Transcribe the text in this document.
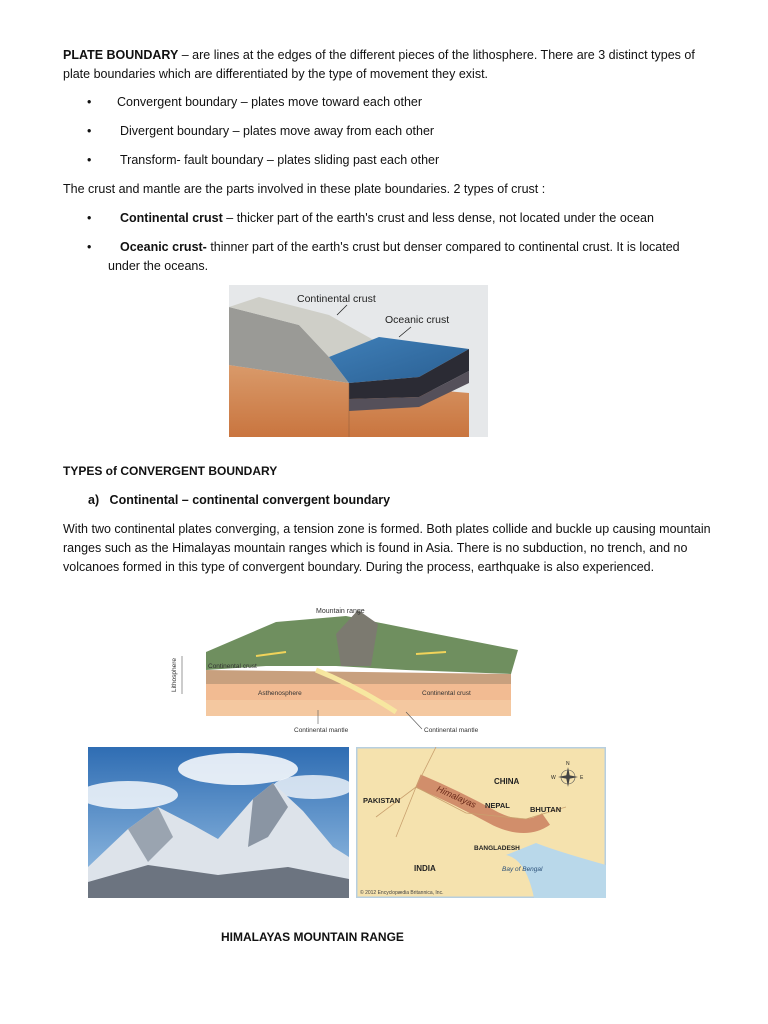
PLATE BOUNDARY – are lines at the edges of the different pieces of the lithosphere. There are 3 distinct types of plate boundaries which are differentiated by the type of movement they exist.

• Convergent boundary – plates move toward each other
• Divergent boundary – plates move away from each other
• Transform- fault boundary – plates sliding past each other

The crust and mantle are the parts involved in these plate boundaries. 2 types of crust :

• Continental crust – thicker part of the earth's crust and less dense, not located under the ocean
• Oceanic crust- thinner part of the earth's crust but denser compared to continental crust. It is located under the oceans.
Continental crust
Oceanic crust
TYPES of CONVERGENT BOUNDARY
a) Continental – continental convergent boundary

With two continental plates converging, a tension zone is formed. Both plates collide and buckle up causing mountain ranges such as the Himalayas mountain ranges which is found in Asia. There is no subduction, no trench, and no volcanoes formed in this type of convergent boundary. During the process, earthquake is also experienced.

Mountain range
Lithosphere	Continental crust
Asthenosphere	Continental crust
Continental mantle	Continental mantle
CHINA
PAKISTAN
NEPAL	BHUTAN
Himalayas
INDIA
BANGLADESH
Bay of Bengal
N
E
W
© 2012 Encyclopædia Britannica, Inc.
HIMALAYAS MOUNTAIN RANGE
